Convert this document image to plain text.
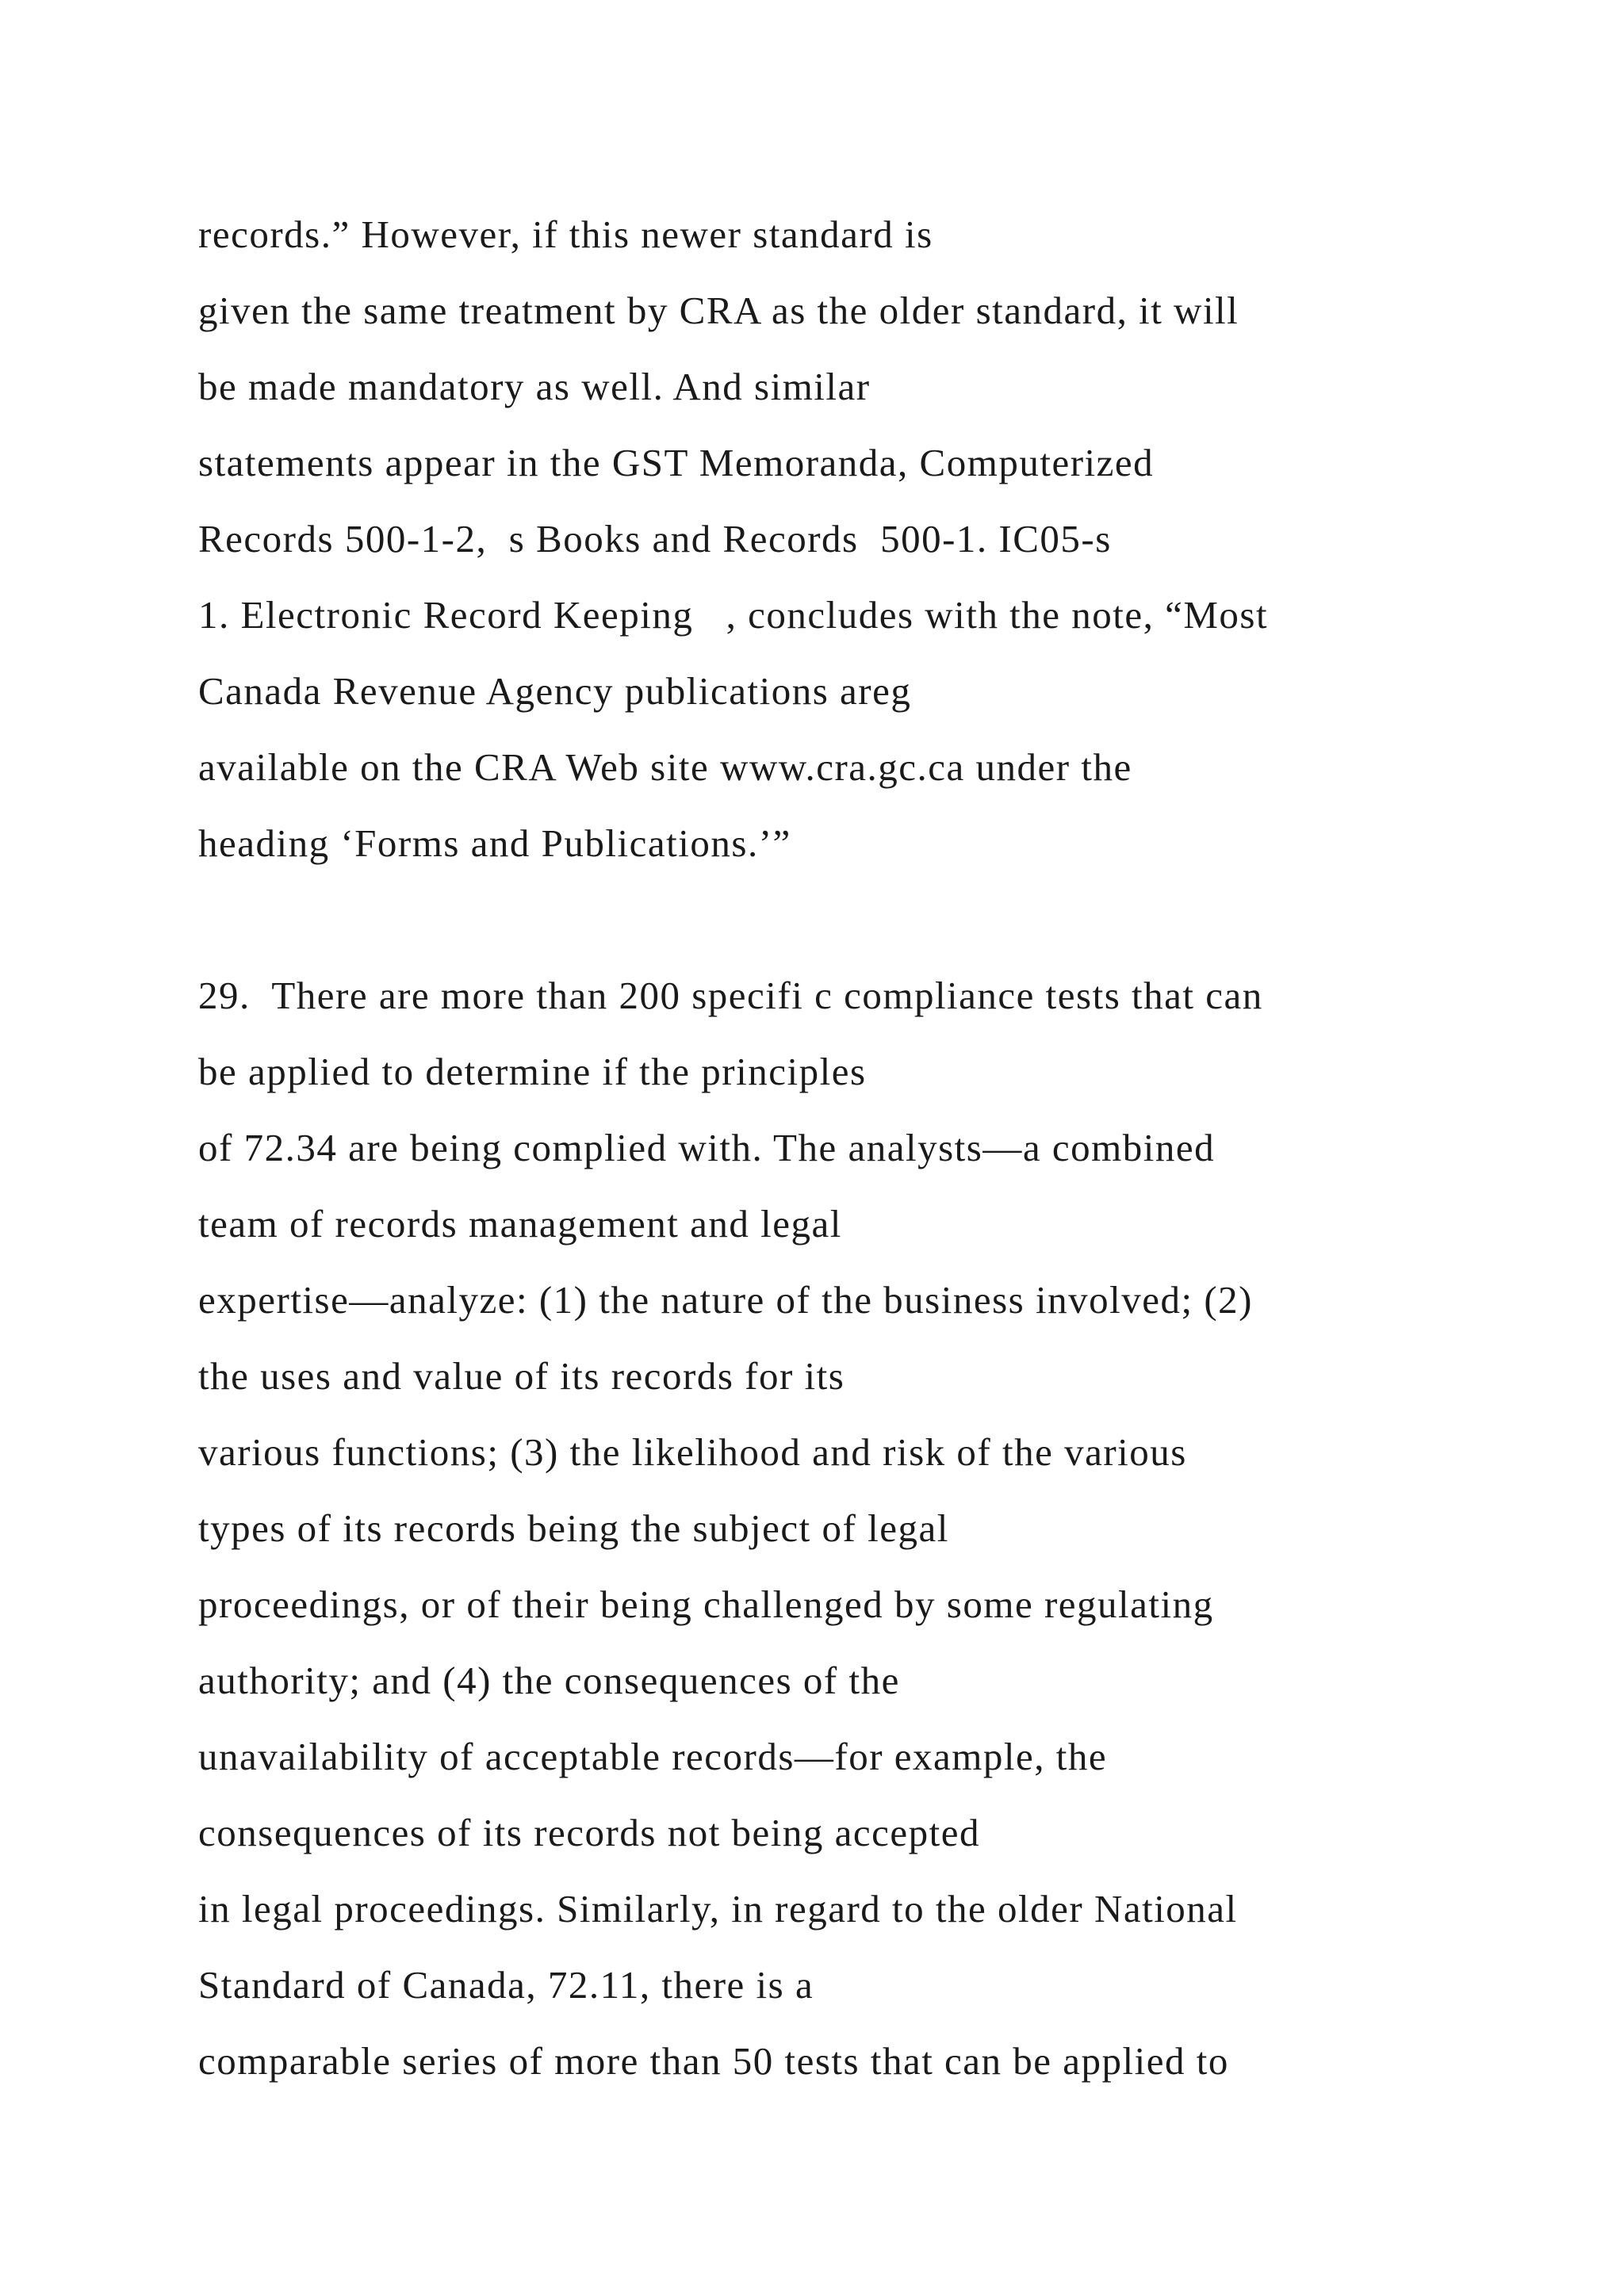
records.” However, if this newer standard is
given the same treatment by CRA as the older standard, it will
be made mandatory as well. And similar
statements appear in the GST Memoranda, Computerized
Records 500-1-2,  s Books and Records  500-1. IC05-s
1. Electronic Record Keeping   , concludes with the note, “Most
Canada Revenue Agency publications areg
available on the CRA Web site www.cra.gc.ca under the
heading ‘Forms and Publications.’”
29.  There are more than 200 specifi c compliance tests that can
be applied to determine if the principles
of 72.34 are being complied with. The analysts—a combined
team of records management and legal
expertise—analyze: (1) the nature of the business involved; (2)
the uses and value of its records for its
various functions; (3) the likelihood and risk of the various
types of its records being the subject of legal
proceedings, or of their being challenged by some regulating
authority; and (4) the consequences of the
unavailability of acceptable records—for example, the
consequences of its records not being accepted
in legal proceedings. Similarly, in regard to the older National
Standard of Canada, 72.11, there is a
comparable series of more than 50 tests that can be applied to
